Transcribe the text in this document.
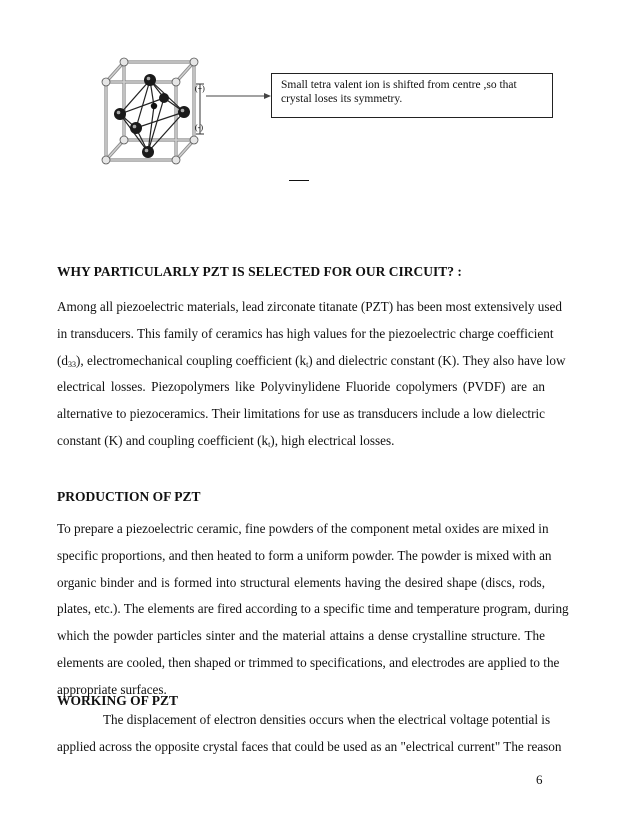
(+)
(-)
Small tetra valent ion is shifted from centre ,so that
crystal loses its symmetry.
WHY PARTICULARLY PZT IS SELECTED FOR OUR CIRCUIT? :
Among all piezoelectric materials, lead zirconate titanate (PZT) has been most extensively used
in transducers. This family of ceramics has high values for the piezoelectric charge coefficient
$(d_{33})$, electromechanical coupling coefficient $(k_t)$ and dielectric constant (K). They also have low
electrical losses. Piezopolymers like Polyvinylidene Fluoride copolymers (PVDF) are an
alternative to piezoceramics. Their limitations for use as transducers include a low dielectric
constant (K) and coupling coefficient $(k_t)$, high electrical losses.
PRODUCTION OF PZT
To prepare a piezoelectric ceramic, fine powders of the component metal oxides are mixed in
specific proportions, and then heated to form a uniform powder. The powder is mixed with an
organic binder and is formed into structural elements having the desired shape (discs, rods,
plates, etc.). The elements are fired according to a specific time and temperature program, during
which the powder particles sinter and the material attains a dense crystalline structure. The
elements are cooled, then shaped or trimmed to specifications, and electrodes are applied to the
appropriate surfaces.
WORKING OF PZT
The displacement of electron densities occurs when the electrical voltage potential is
applied across the opposite crystal faces that could be used as an "electrical current" The reason
6
